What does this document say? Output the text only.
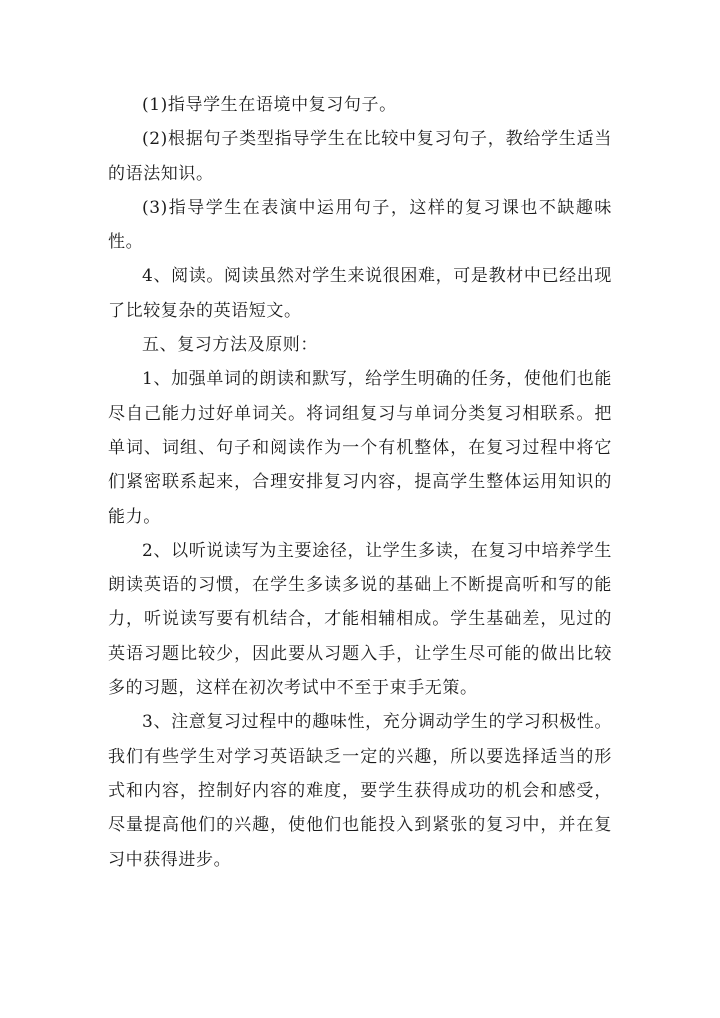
(1)指导学生在语境中复习句子。

(2)根据句子类型指导学生在比较中复习句子，教给学生适当的语法知识。

(3)指导学生在表演中运用句子，这样的复习课也不缺趣味性。

4、阅读。阅读虽然对学生来说很困难，可是教材中已经出现了比较复杂的英语短文。

五、复习方法及原则：

1、加强单词的朗读和默写，给学生明确的任务，使他们也能尽自己能力过好单词关。将词组复习与单词分类复习相联系。把单词、词组、句子和阅读作为一个有机整体，在复习过程中将它们紧密联系起来，合理安排复习内容，提高学生整体运用知识的能力。

2、以听说读写为主要途径，让学生多读，在复习中培养学生朗读英语的习惯，在学生多读多说的基础上不断提高听和写的能力，听说读写要有机结合，才能相辅相成。学生基础差，见过的英语习题比较少，因此要从习题入手，让学生尽可能的做出比较多的习题，这样在初次考试中不至于束手无策。

3、注意复习过程中的趣味性，充分调动学生的学习积极性。我们有些学生对学习英语缺乏一定的兴趣，所以要选择适当的形式和内容，控制好内容的难度，要学生获得成功的机会和感受，尽量提高他们的兴趣，使他们也能投入到紧张的复习中，并在复习中获得进步。
